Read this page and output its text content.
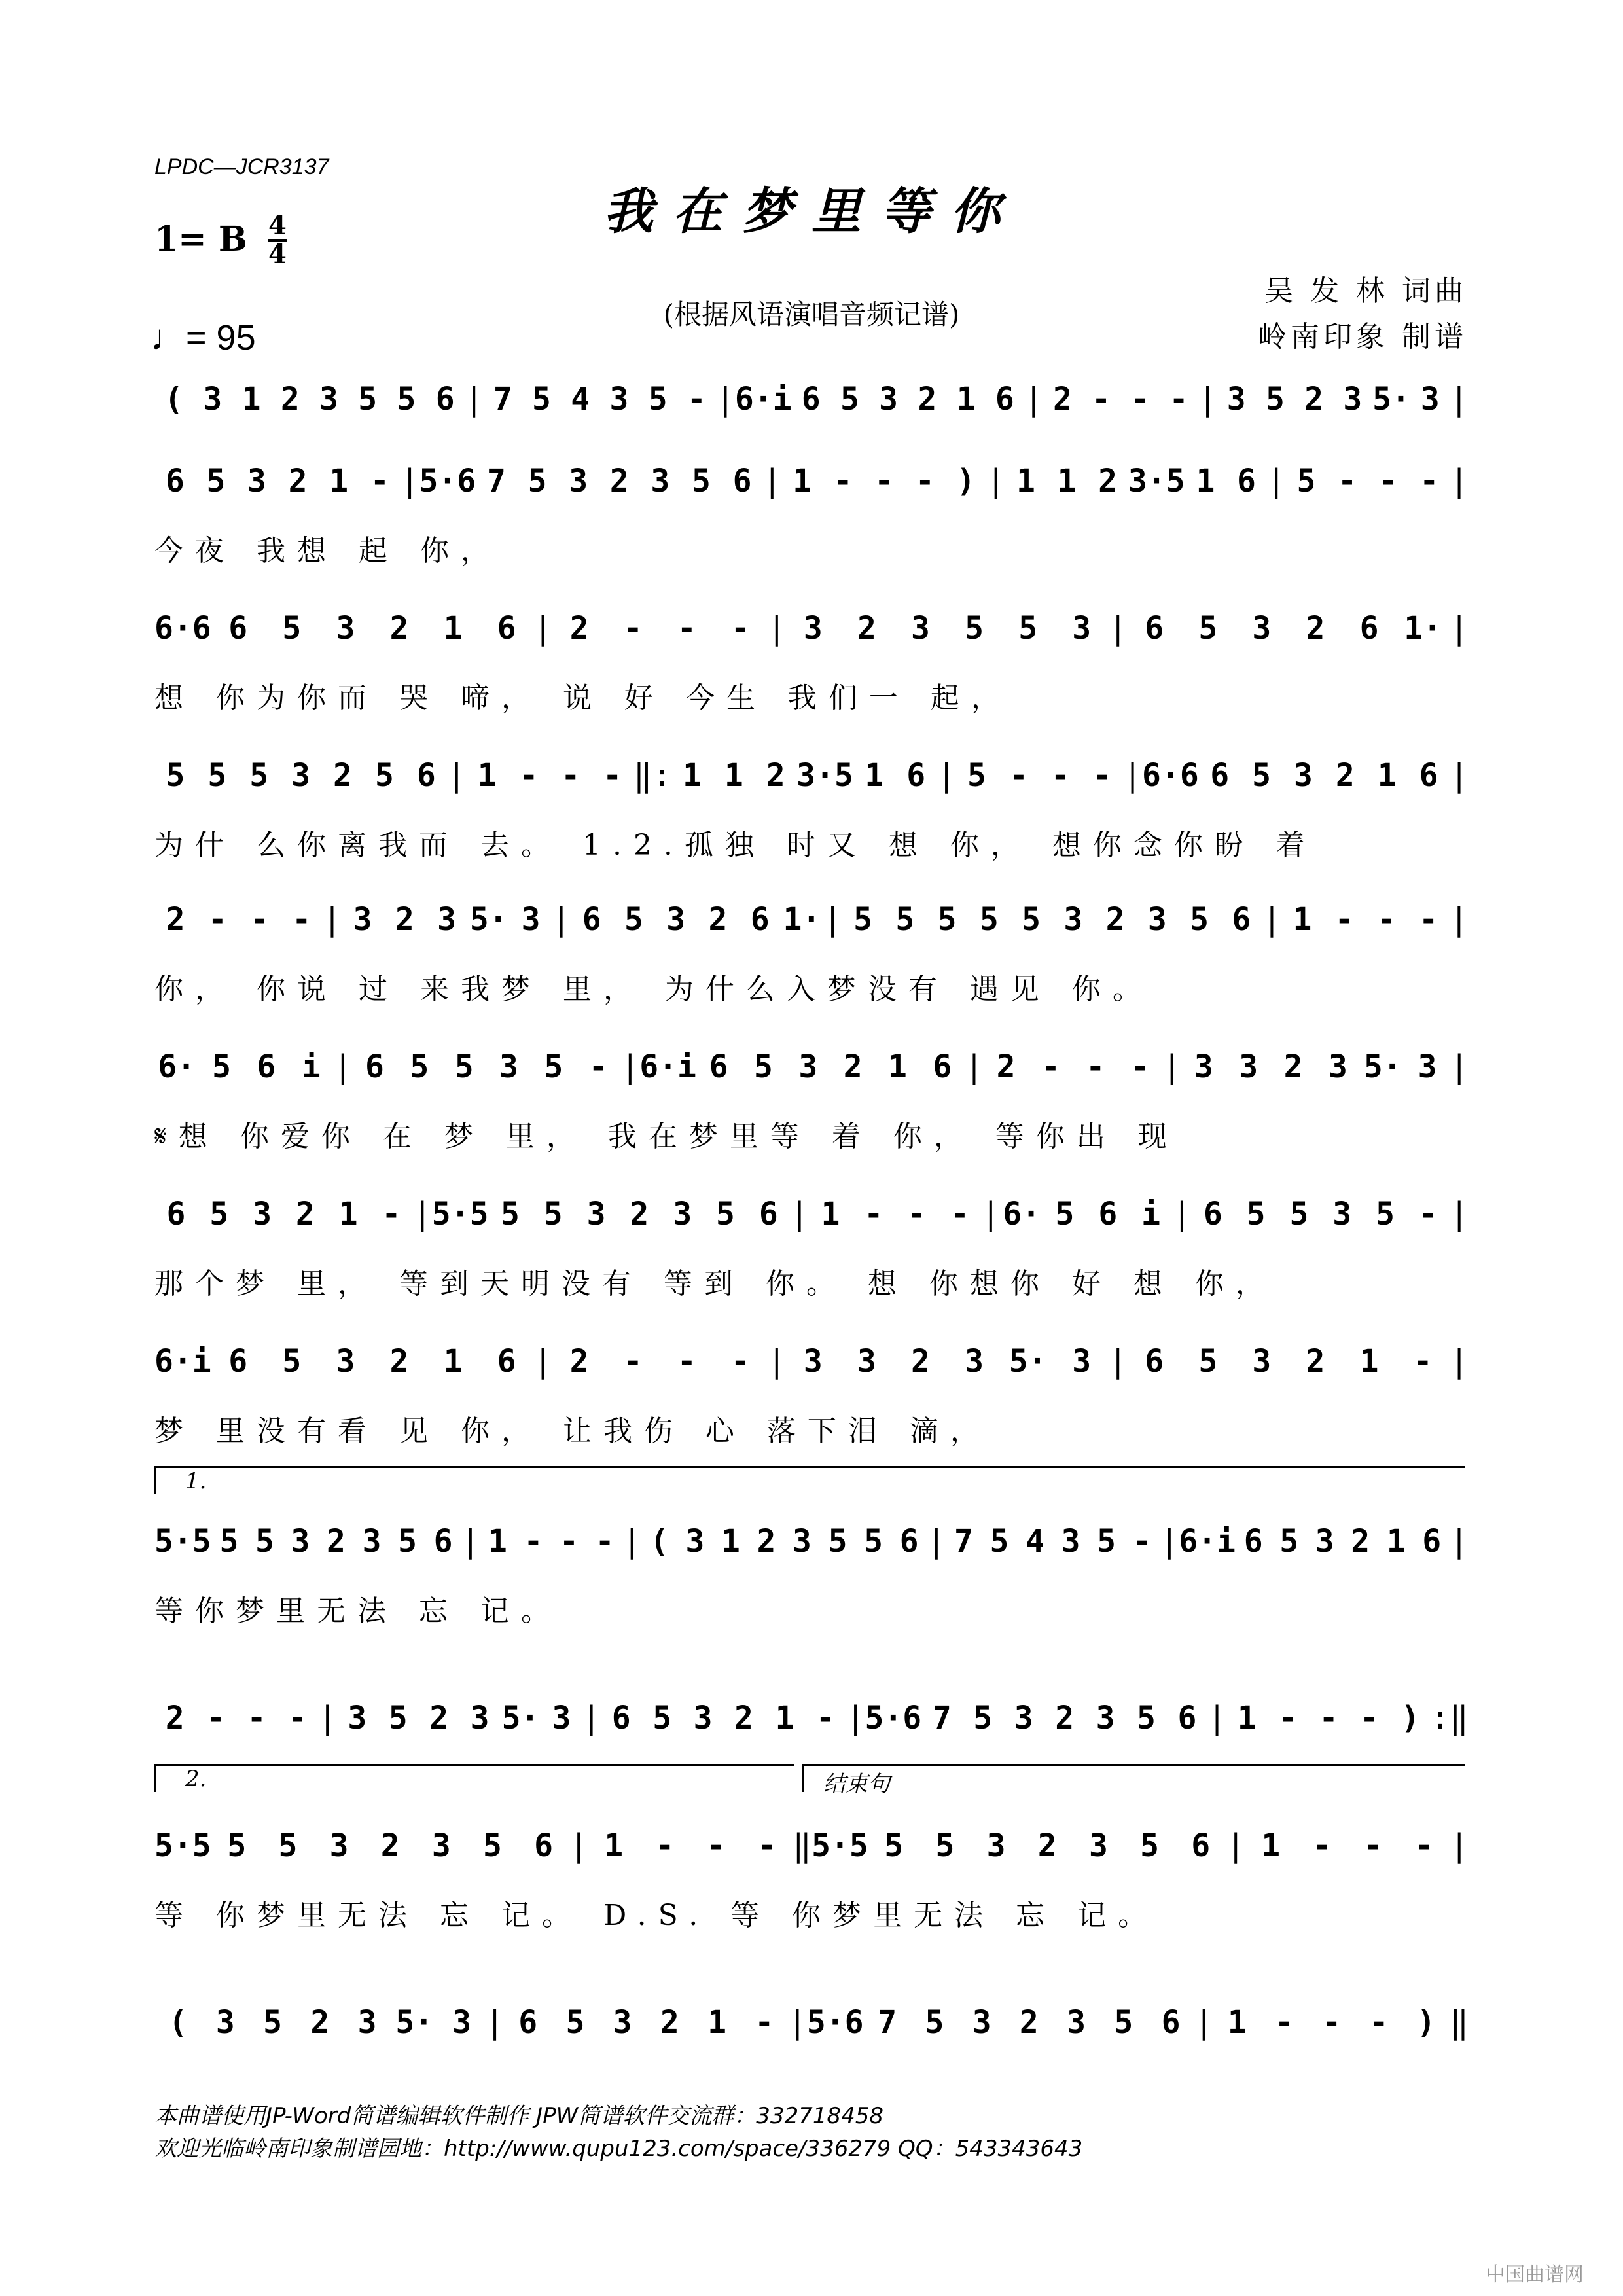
LPDC—JCR3137
我在梦里等你
1= B 4
4
♩= 95
(根据风语演唱音频记谱)
吴 发 林 词曲
岭南印象 制谱
( 3 1 2 3 5 5 6 | 7 5 4 3 5 - | 6·i 6 5 3 2 1 6 | 2 - - - | 3 5 2 3 5· 3 |
6 5 3 2 1 - | 5·6 7 5 3 2 3 5 6 | 1 - - - ) | 1 1 2 3·5 1 6 | 5 - - - |
今夜 我想 起 你，
6·6 6	5	3	2	1	6 | 2	-	-	- | 3	2	3	5	5	3 | 6	5	3	2	6 1· |
想 你为你而 哭 啼， 说 好 今生 我们一 起，
5 5 5 3 2 5 6 | 1 - - - ‖: 1 1 2 3·5 1 6 | 5 - - - | 6·6 6 5 3 2 1 6 |
为什 么你离我而 去。 1.2.孤独 时又 想 你， 想你念你盼 着
2 - - - | 3 2 3 5· 3 | 6 5 3 2 6 1· | 5 5 5 5 5 3 2 3 5 6 | 1 - - - |
你， 你说 过 来我梦 里， 为什么入梦没有 遇见 你。
6· 5 6 i | 6 5 5 3 5 - | 6·i 6 5 3 2 1 6 | 2 - - - | 3 3 2 3 5· 3 |
𝄋想 你爱你 在 梦 里， 我在梦里等 着 你， 等你出 现
6 5 3 2 1 - | 5·5 5 5 3 2 3 5 6 | 1 - - - | 6· 5 6 i | 6 5 5 3 5 - |
那个梦 里， 等到天明没有 等到 你。 想 你想你 好 想 你，
6·i 6	5	3	2	1	6 | 2	-	-	- | 3	3	2	3 5· 3 | 6	5	3	2	1	- |
梦 里没有看 见 你， 让我伤 心 落下泪 滴，
5·5 5 5 3 2 3 5 6 | 1 - - - | ( 3 1 2 3 5 5 6 | 7 5 4 3 5 - | 6·i 6 5 3 2 1 6 |
等你梦里无法 忘 记。
2 - - - | 3 5 2 3 5· 3 | 6 5 3 2 1 - | 5·6 7 5 3 2 3 5 6 | 1 - - - ) :‖
5·5 5	5	3	2	3	5	6 | 1	-	-	- ‖ 5·5 5	5	3	2	3	5	6 | 1	-	-	- |
等 你梦里无法 忘 记。 D.S. 等 你梦里无法 忘 记。
( 3 5 2 3 5· 3 | 6 5 3 2 1 - | 5·6 7 5 3 2 3 5 6 | 1 - - - ) ‖
1.
2.	结束句
本曲谱使用JP-Word简谱编辑软件制作 JPW简谱软件交流群：332718458
欢迎光临岭南印象制谱园地：http://www.qupu123.com/space/336279 QQ：543343643
中国曲谱网
